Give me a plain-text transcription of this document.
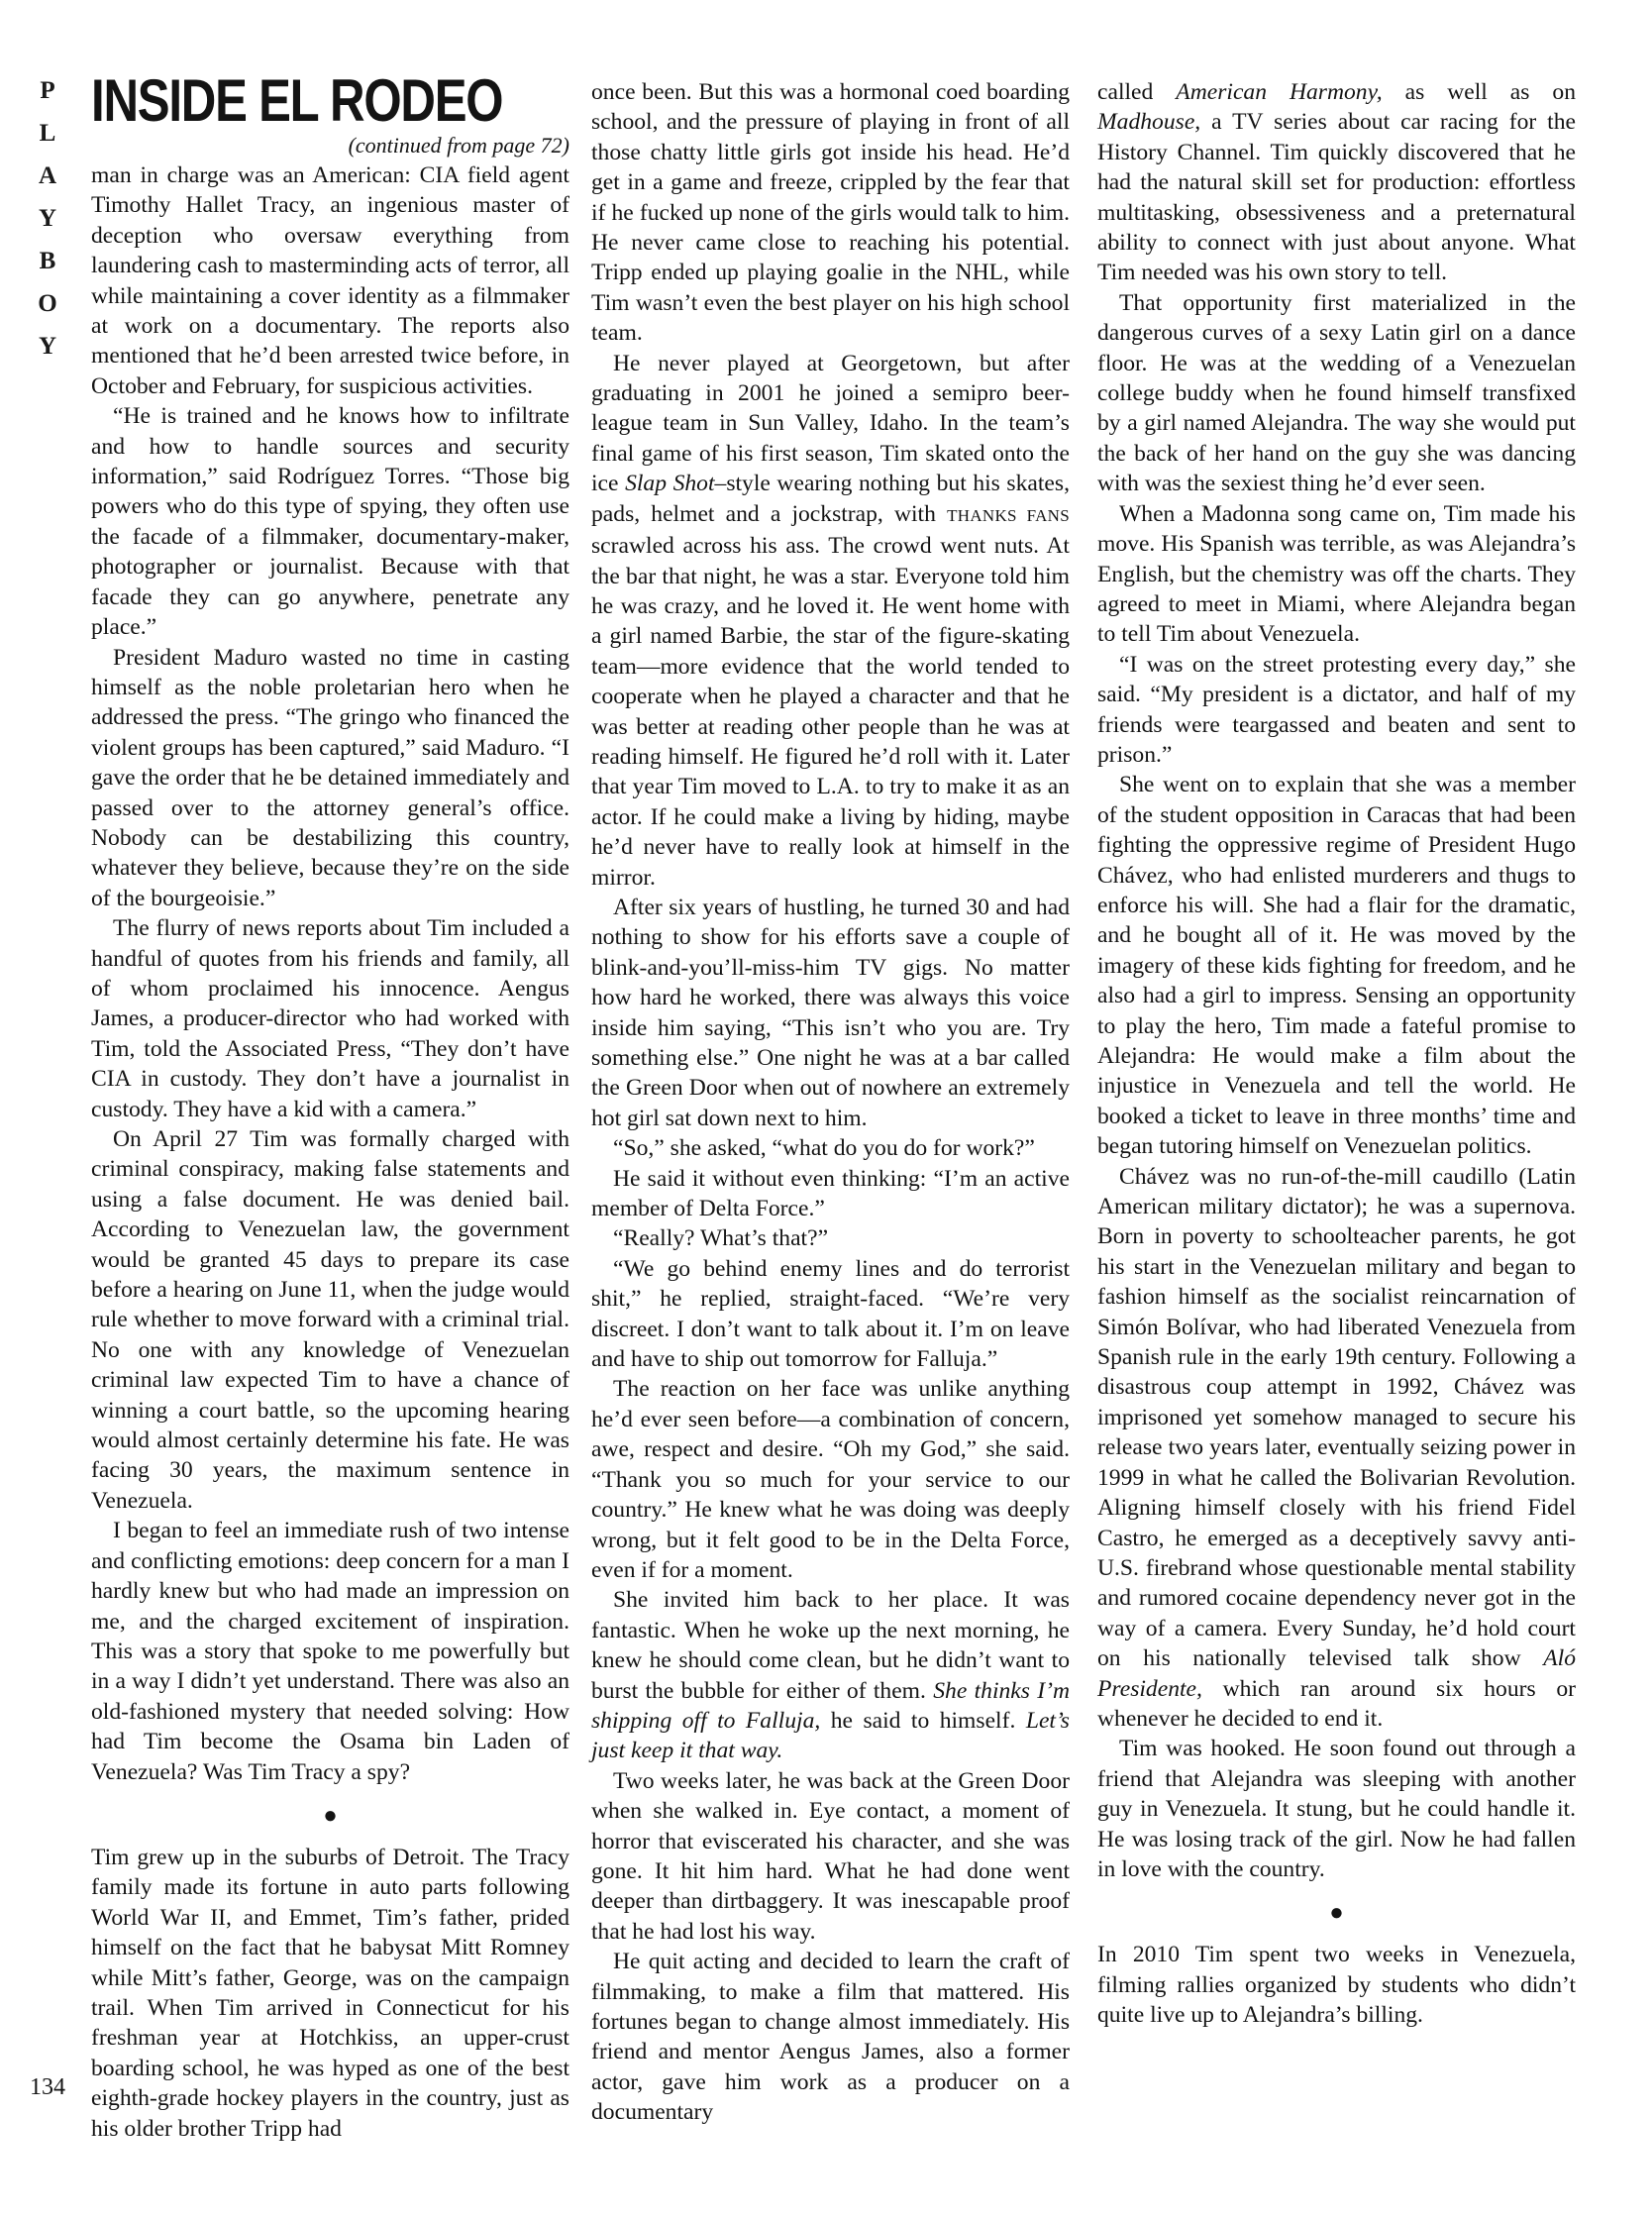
P
L
A
Y
B
O
Y
134
INSIDE EL RODEO
(continued from page 72)

man in charge was an American: CIA field agent Timothy Hallet Tracy, an ingenious master of deception who oversaw everything from laundering cash to masterminding acts of terror, all while maintaining a cover identity as a filmmaker at work on a documentary. The reports also mentioned that he’d been arrested twice before, in October and February, for suspicious activities.

“He is trained and he knows how to infiltrate and how to handle sources and security information,” said Rodríguez Torres. “Those big powers who do this type of spying, they often use the facade of a filmmaker, documentary-maker, photographer or journalist. Because with that facade they can go anywhere, penetrate any place.”

President Maduro wasted no time in casting himself as the noble proletarian hero when he addressed the press. “The gringo who financed the violent groups has been captured,” said Maduro. “I gave the order that he be detained immediately and passed over to the attorney general’s office. Nobody can be destabilizing this country, whatever they believe, because they’re on the side of the bourgeoisie.”

The flurry of news reports about Tim included a handful of quotes from his friends and family, all of whom proclaimed his innocence. Aengus James, a producer-director who had worked with Tim, told the Associated Press, “They don’t have CIA in custody. They don’t have a journalist in custody. They have a kid with a camera.”

On April 27 Tim was formally charged with criminal conspiracy, making false statements and using a false document. He was denied bail. According to Venezuelan law, the government would be granted 45 days to prepare its case before a hearing on June 11, when the judge would rule whether to move forward with a criminal trial. No one with any knowledge of Venezuelan criminal law expected Tim to have a chance of winning a court battle, so the upcoming hearing would almost certainly determine his fate. He was facing 30 years, the maximum sentence in Venezuela.

I began to feel an immediate rush of two intense and conflicting emotions: deep concern for a man I hardly knew but who had made an impression on me, and the charged excitement of inspiration. This was a story that spoke to me powerfully but in a way I didn’t yet understand. There was also an old-fashioned mystery that needed solving: How had Tim become the Osama bin Laden of Venezuela? Was Tim Tracy a spy?

●

Tim grew up in the suburbs of Detroit. The Tracy family made its fortune in auto parts following World War II, and Emmet, Tim’s father, prided himself on the fact that he babysat Mitt Romney while Mitt’s father, George, was on the campaign trail. When Tim arrived in Connecticut for his freshman year at Hotchkiss, an upper-crust boarding school, he was hyped as one of the best eighth-grade hockey players in the country, just as his older brother Tripp had

once been. But this was a hormonal coed boarding school, and the pressure of playing in front of all those chatty little girls got inside his head. He’d get in a game and freeze, crippled by the fear that if he fucked up none of the girls would talk to him. He never came close to reaching his potential. Tripp ended up playing goalie in the NHL, while Tim wasn’t even the best player on his high school team.

He never played at Georgetown, but after graduating in 2001 he joined a semipro beer-league team in Sun Valley, Idaho. In the team’s final game of his first season, Tim skated onto the ice Slap Shot–style wearing nothing but his skates, pads, helmet and a jockstrap, with THANKS FANS scrawled across his ass. The crowd went nuts. At the bar that night, he was a star. Everyone told him he was crazy, and he loved it. He went home with a girl named Barbie, the star of the figure-skating team—more evidence that the world tended to cooperate when he played a character and that he was better at reading other people than he was at reading himself. He figured he’d roll with it. Later that year Tim moved to L.A. to try to make it as an actor. If he could make a living by hiding, maybe he’d never have to really look at himself in the mirror.

After six years of hustling, he turned 30 and had nothing to show for his efforts save a couple of blink-and-you’ll-miss-him TV gigs. No matter how hard he worked, there was always this voice inside him saying, “This isn’t who you are. Try something else.” One night he was at a bar called the Green Door when out of nowhere an extremely hot girl sat down next to him.

“So,” she asked, “what do you do for work?”

He said it without even thinking: “I’m an active member of Delta Force.”

“Really? What’s that?”

“We go behind enemy lines and do terrorist shit,” he replied, straight-faced. “We’re very discreet. I don’t want to talk about it. I’m on leave and have to ship out tomorrow for Falluja.”

The reaction on her face was unlike anything he’d ever seen before—a combination of concern, awe, respect and desire. “Oh my God,” she said. “Thank you so much for your service to our country.” He knew what he was doing was deeply wrong, but it felt good to be in the Delta Force, even if for a moment.

She invited him back to her place. It was fantastic. When he woke up the next morning, he knew he should come clean, but he didn’t want to burst the bubble for either of them. She thinks I’m shipping off to Falluja, he said to himself. Let’s just keep it that way.

Two weeks later, he was back at the Green Door when she walked in. Eye contact, a moment of horror that eviscerated his character, and she was gone. It hit him hard. What he had done went deeper than dirtbaggery. It was inescapable proof that he had lost his way.

He quit acting and decided to learn the craft of filmmaking, to make a film that mattered. His fortunes began to change almost immediately. His friend and mentor Aengus James, also a former actor, gave him work as a producer on a documentary

called American Harmony, as well as on Madhouse, a TV series about car racing for the History Channel. Tim quickly discovered that he had the natural skill set for production: effortless multitasking, obsessiveness and a preternatural ability to connect with just about anyone. What Tim needed was his own story to tell.

That opportunity first materialized in the dangerous curves of a sexy Latin girl on a dance floor. He was at the wedding of a Venezuelan college buddy when he found himself transfixed by a girl named Alejandra. The way she would put the back of her hand on the guy she was dancing with was the sexiest thing he’d ever seen.

When a Madonna song came on, Tim made his move. His Spanish was terrible, as was Alejandra’s English, but the chemistry was off the charts. They agreed to meet in Miami, where Alejandra began to tell Tim about Venezuela.

“I was on the street protesting every day,” she said. “My president is a dictator, and half of my friends were teargassed and beaten and sent to prison.”

She went on to explain that she was a member of the student opposition in Caracas that had been fighting the oppressive regime of President Hugo Chávez, who had enlisted murderers and thugs to enforce his will. She had a flair for the dramatic, and he bought all of it. He was moved by the imagery of these kids fighting for freedom, and he also had a girl to impress. Sensing an opportunity to play the hero, Tim made a fateful promise to Alejandra: He would make a film about the injustice in Venezuela and tell the world. He booked a ticket to leave in three months’ time and began tutoring himself on Venezuelan politics.

Chávez was no run-of-the-mill caudillo (Latin American military dictator); he was a supernova. Born in poverty to schoolteacher parents, he got his start in the Venezuelan military and began to fashion himself as the socialist reincarnation of Simón Bolívar, who had liberated Venezuela from Spanish rule in the early 19th century. Following a disastrous coup attempt in 1992, Chávez was imprisoned yet somehow managed to secure his release two years later, eventually seizing power in 1999 in what he called the Bolivarian Revolution. Aligning himself closely with his friend Fidel Castro, he emerged as a deceptively savvy anti-U.S. firebrand whose questionable mental stability and rumored cocaine dependency never got in the way of a camera. Every Sunday, he’d hold court on his nationally televised talk show Aló Presidente, which ran around six hours or whenever he decided to end it.

Tim was hooked. He soon found out through a friend that Alejandra was sleeping with another guy in Venezuela. It stung, but he could handle it. He was losing track of the girl. Now he had fallen in love with the country.

●

In 2010 Tim spent two weeks in Venezuela, filming rallies organized by students who didn’t quite live up to Alejandra’s billing.
